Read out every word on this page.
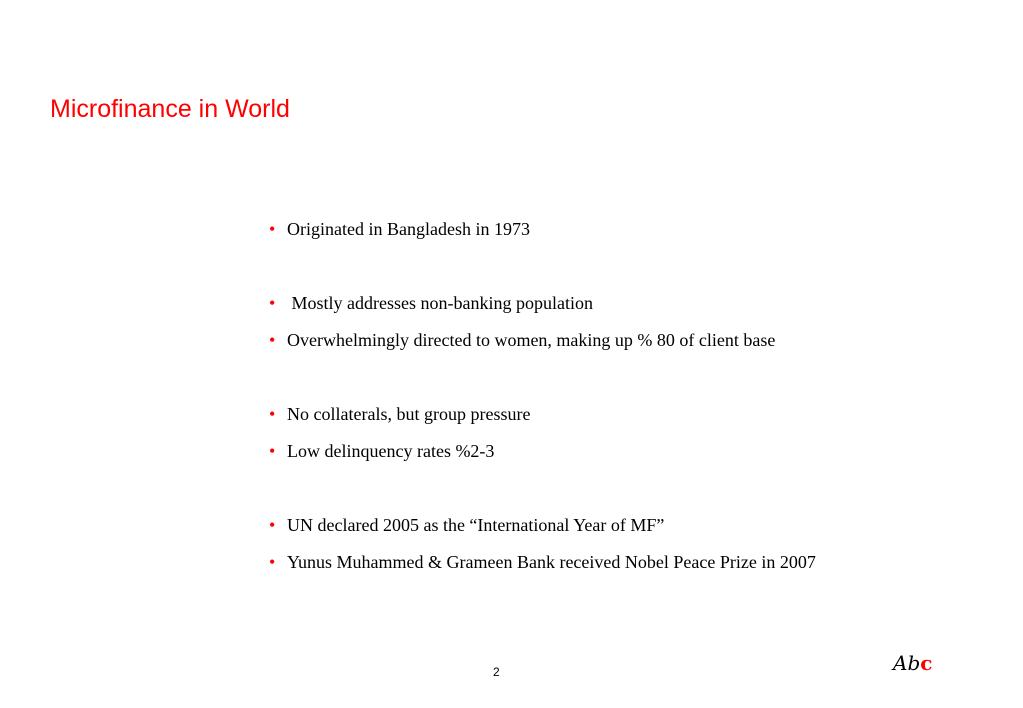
Microfinance in World
• Originated in Bangladesh in 1973
• Mostly addresses non-banking population
• Overwhelmingly directed to women, making up % 80 of client base
• No collaterals, but group pressure
• Low delinquency rates %2-3
• UN declared 2005 as the “International Year of MF”
• Yunus Muhammed & Grameen Bank received Nobel Peace Prize in 2007
2	Abc
